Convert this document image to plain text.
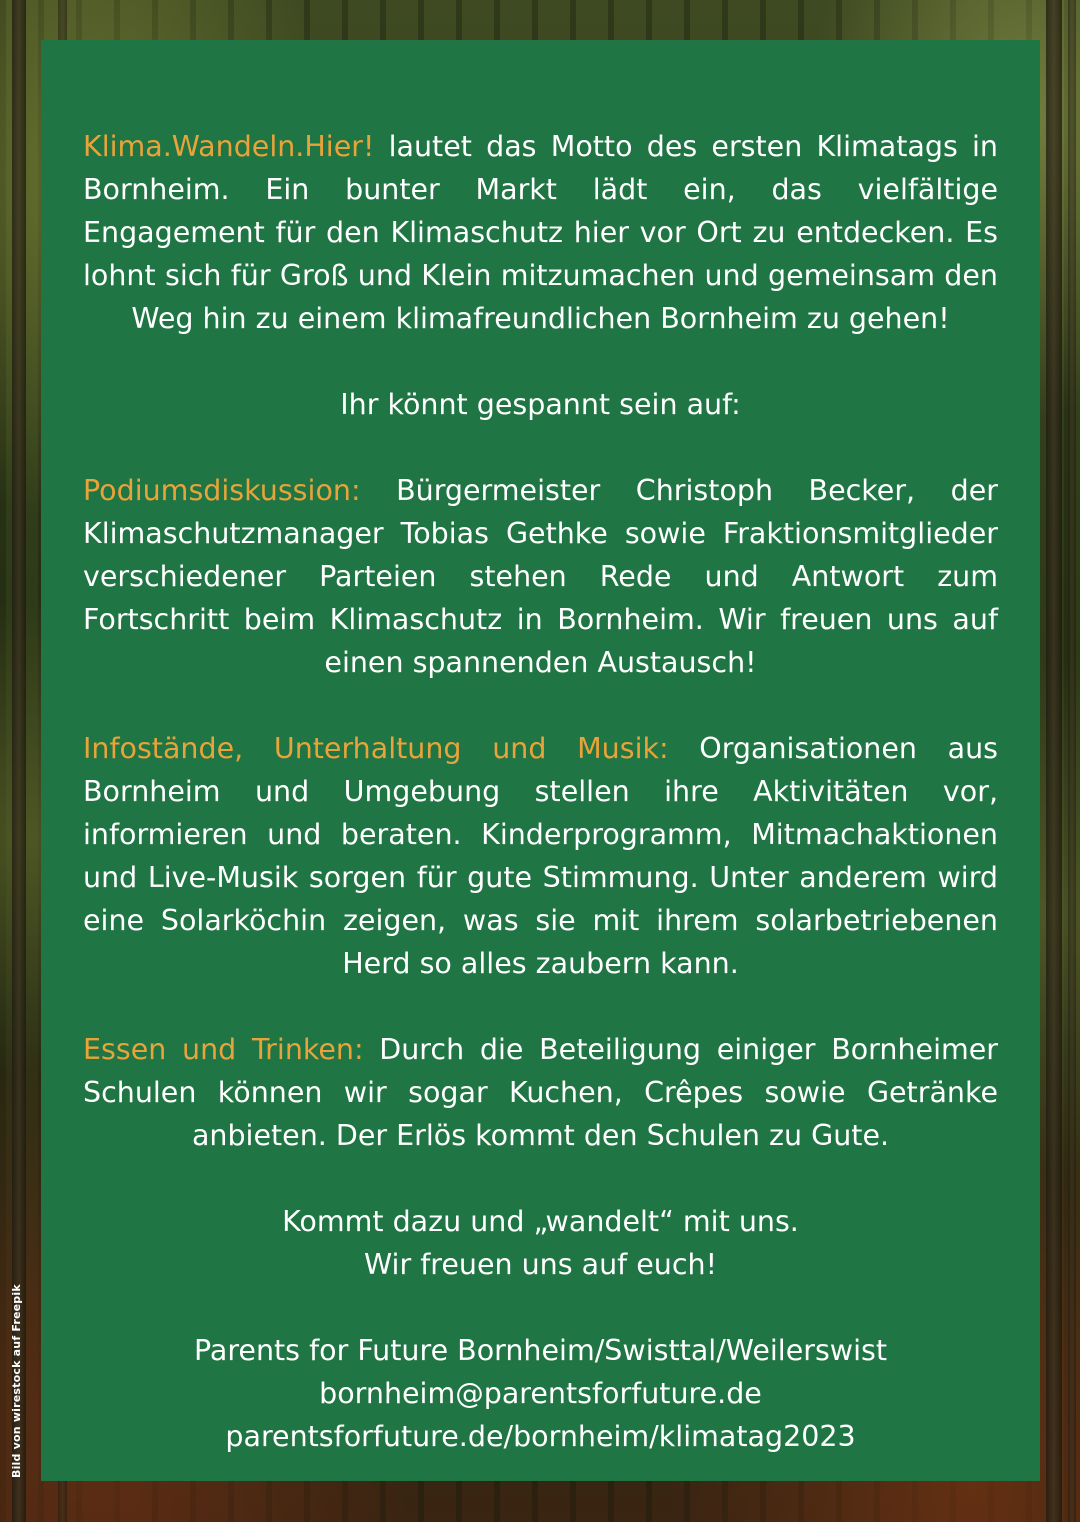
Klima.Wandeln.Hier! lautet das Motto des ersten Klimatags in Bornheim. Ein bunter Markt lädt ein, das vielfältige Engagement für den Klimaschutz hier vor Ort zu entdecken. Es lohnt sich für Groß und Klein mitzumachen und gemeinsam den Weg hin zu einem klimafreundlichen Bornheim zu gehen!

Ihr könnt gespannt sein auf:

Podiumsdiskussion: Bürgermeister Christoph Becker, der Klimaschutzmanager Tobias Gethke sowie Fraktionsmitglieder verschiedener Parteien stehen Rede und Antwort zum Fortschritt beim Klimaschutz in Bornheim. Wir freuen uns auf einen spannenden Austausch!

Infostände, Unterhaltung und Musik: Organisationen aus Bornheim und Umgebung stellen ihre Aktivitäten vor, informieren und beraten. Kinderprogramm, Mitmachaktionen und Live-Musik sorgen für gute Stimmung. Unter anderem wird eine Solarköchin zeigen, was sie mit ihrem solarbetriebenen Herd so alles zaubern kann.

Essen und Trinken: Durch die Beteiligung einiger Bornheimer Schulen können wir sogar Kuchen, Crêpes sowie Getränke anbieten. Der Erlös kommt den Schulen zu Gute.

Kommt dazu und „wandelt“ mit uns.
Wir freuen uns auf euch!
Parents for Future Bornheim/Swisttal/Weilerswist
bornheim@parentsforfuture.de
parentsforfuture.de/bornheim/klimatag2023
Bild von wirestock auf Freepik
